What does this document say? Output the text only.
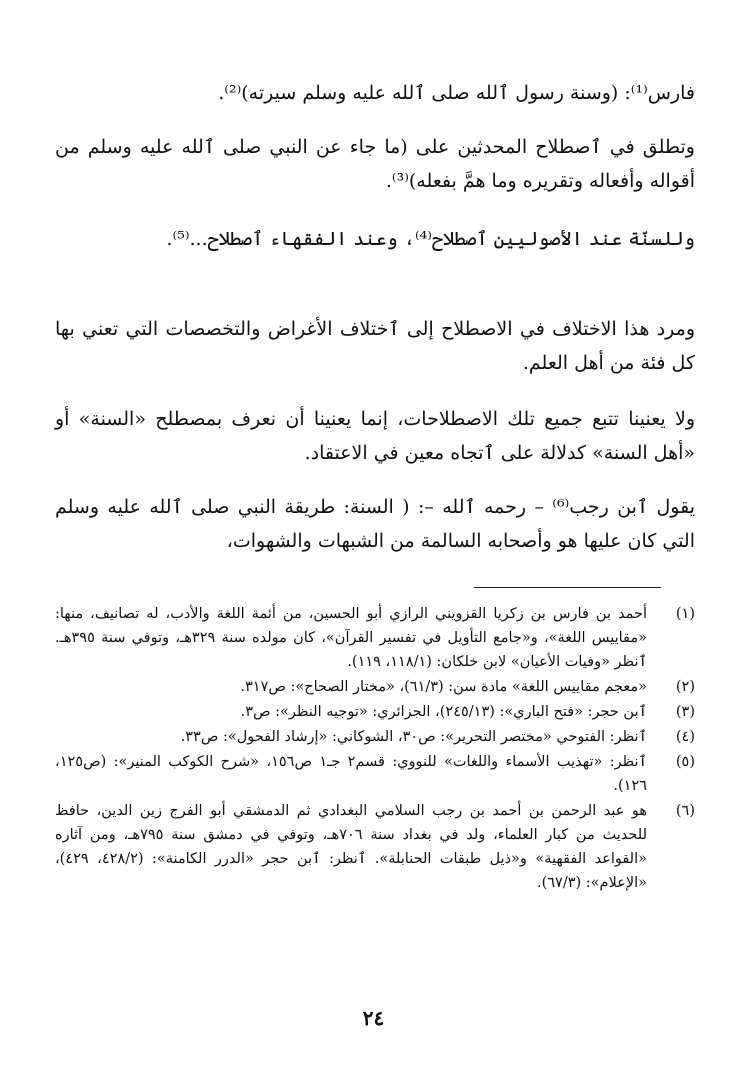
فارس⁽¹⁾: (وسنة رسول ٱلله صلى ٱلله عليه وسلم سيرته)⁽²⁾.
وتطلق في ٱصطلاح المحدثين على (ما جاء عن النبي صلى ٱلله عليه وسلم من أقواله وأفعاله وتقريره وما همَّ بفعله)⁽³⁾.
وللسنّة عند الأصوليين ٱصطلاح⁽⁴⁾، وعند الفقهاء ٱصطلاح...⁽⁵⁾.
ومرد هذا الاختلاف في الاصطلاح إلى ٱختلاف الأغراض والتخصصات التي تعني بها كل فئة من أهل العلم.
ولا يعنينا تتبع جميع تلك الاصطلاحات، إنما يعنينا أن نعرف بمصطلح «السنة» أو «أهل السنة» كدلالة على ٱتجاه معين في الاعتقاد.
يقول ٱبن رجب⁽⁶⁾ – رحمه ٱلله –: ( السنة: طريقة النبي صلى ٱلله عليه وسلم التي كان عليها هو وأصحابه السالمة من الشبهات والشهوات،
(١)
أحمد بن فارس بن زكريا القزويني الرازي أبو الحسين، من أئمة اللغة والأدب، له تصانيف، منها: «مقاييس اللغة»، و«جامع التأويل في تفسير القرآن»، كان مولده سنة ٣٢٩هـ، وتوفي سنة ٣٩٥هـ. ٱنظر «وفيات الأعيان» لابن خلكان: (١١٨/١، ١١٩).
(٢)
«معجم مقاييس اللغة» مادة سن: (٦١/٣)، «مختار الصحاح»: ص٣١٧.
(٣)
ٱبن حجر: «فتح الباري»: (٢٤٥/١٣)، الجزائري: «توجيه النظر»: ص٣.
(٤)
ٱنظر: الفتوحي «مختصر التحرير»: ص٣٠، الشوكاني: «إرشاد الفحول»: ص٣٣.
(٥)
ٱنظر: «تهذيب الأسماء واللغات» للنووي: قسم٢ جـ١ ص١٥٦، «شرح الكوكب المنير»: (ص١٢٥، ١٢٦).
(٦)
هو عبد الرحمن بن أحمد بن رجب السلامي البغدادي ثم الدمشقي أبو الفرج زين الدين، حافظ للحديث من كبار العلماء، ولد في بغداد سنة ٧٠٦هـ، وتوفي في دمشق سنة ٧٩٥هـ، ومن آثاره «القواعد الفقهية» و«ذيل طبقات الحنابلة». ٱنظر: ٱبن حجر «الدرر الكامنة»: (٤٢٨/٢، ٤٢٩)، «الإعلام»: (٦٧/٣).
٢٤
